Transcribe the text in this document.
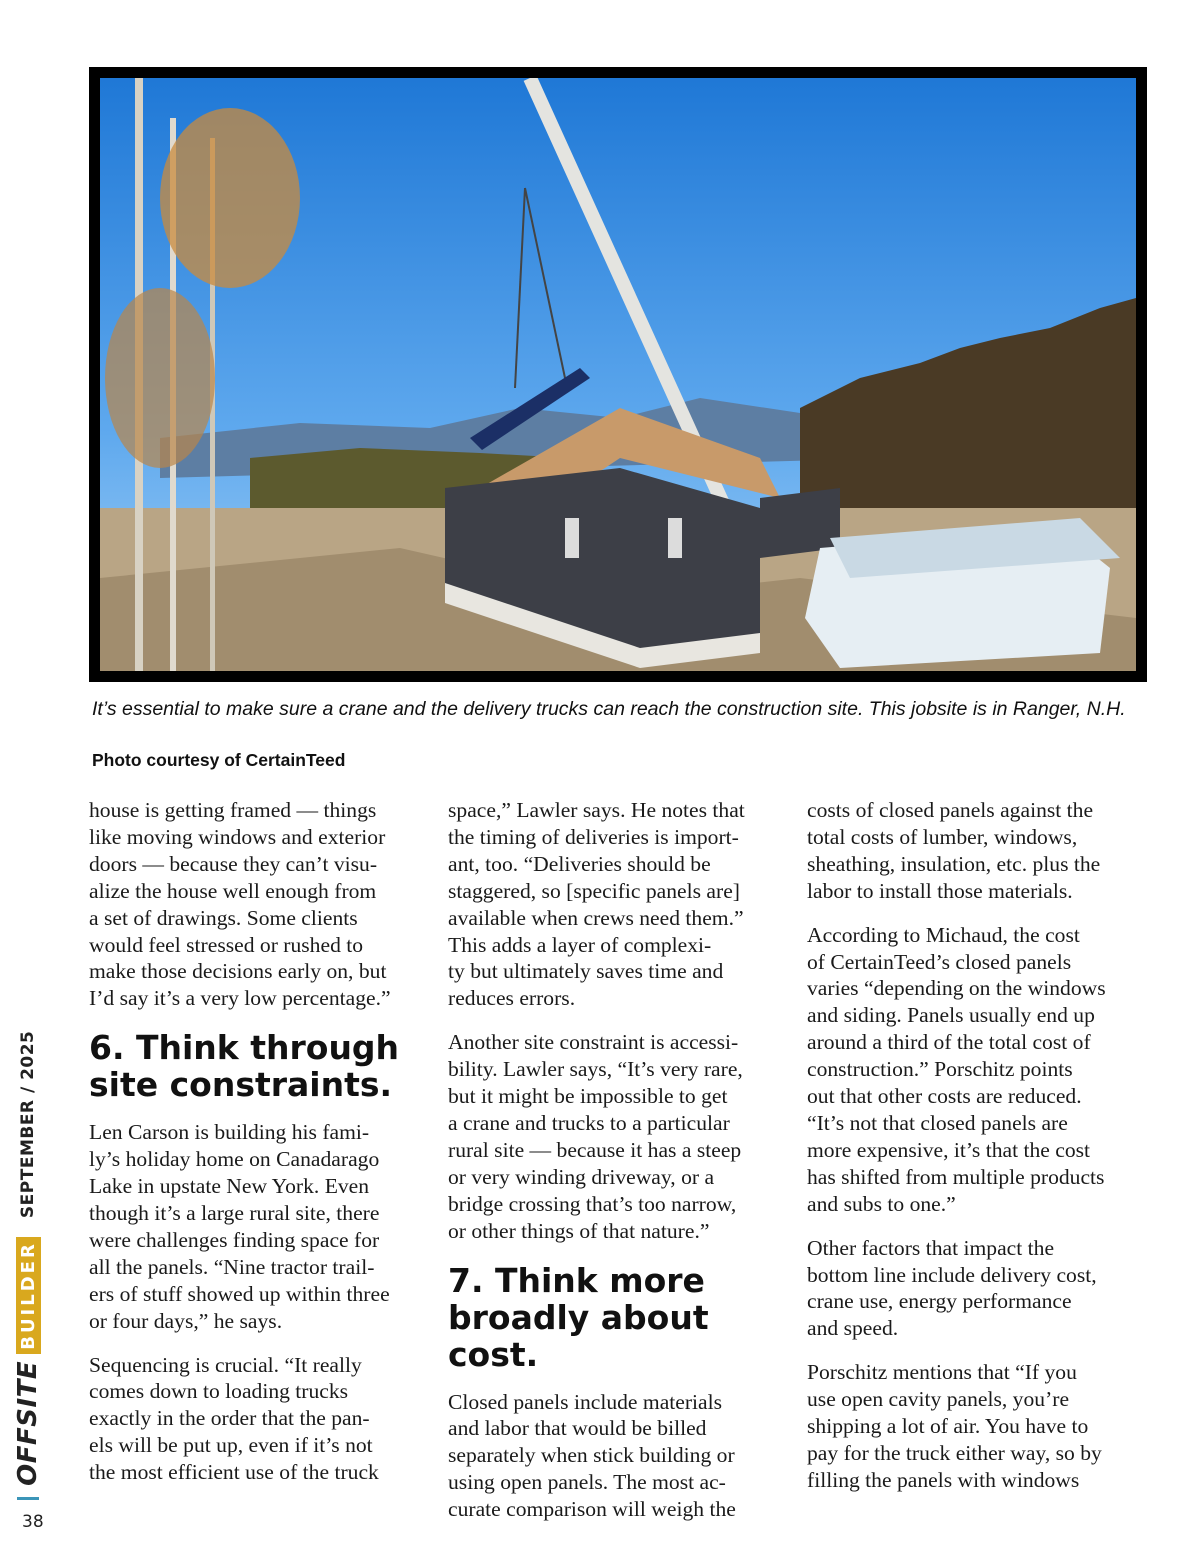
It’s essential to make sure a crane and the delivery trucks can reach the construction site. This jobsite is in Ranger, N.H.
Photo courtesy of CertainTeed

house is getting framed — things
like moving windows and exterior
doors — because they can’t visu-
alize the house well enough from
a set of drawings. Some clients
would feel stressed or rushed to
make those decisions early on, but
I’d say it’s a very low percentage.”

6. Think through
site constraints.

Len Carson is building his fami-
ly’s holiday home on Canadarago
Lake in upstate New York. Even
though it’s a large rural site, there
were challenges finding space for
all the panels. “Nine tractor trail-
ers of stuff showed up within three
or four days,” he says.

Sequencing is crucial. “It really
comes down to loading trucks
exactly in the order that the pan-
els will be put up, even if it’s not
the most efficient use of the truck

space,” Lawler says. He notes that
the timing of deliveries is import-
ant, too. “Deliveries should be
staggered, so [specific panels are]
available when crews need them.”
This adds a layer of complexi-
ty but ultimately saves time and
reduces errors.

Another site constraint is accessi-
bility. Lawler says, “It’s very rare,
but it might be impossible to get
a crane and trucks to a particular
rural site — because it has a steep
or very winding driveway, or a
bridge crossing that’s too narrow,
or other things of that nature.”

7. Think more
broadly about cost.

Closed panels include materials
and labor that would be billed
separately when stick building or
using open panels. The most ac-
curate comparison will weigh the

costs of closed panels against the
total costs of lumber, windows,
sheathing, insulation, etc. plus the
labor to install those materials.

According to Michaud, the cost
of CertainTeed’s closed panels
varies “depending on the windows
and siding. Panels usually end up
around a third of the total cost of
construction.” Porschitz points
out that other costs are reduced.
“It’s not that closed panels are
more expensive, it’s that the cost
has shifted from multiple products
and subs to one.”

Other factors that impact the
bottom line include delivery cost,
crane use, energy performance
and speed.

Porschitz mentions that “If you
use open cavity panels, you’re
shipping a lot of air. You have to
pay for the truck either way, so by
filling the panels with windows

OFFSITE BUILDER SEPTEMBER / 2025
38
